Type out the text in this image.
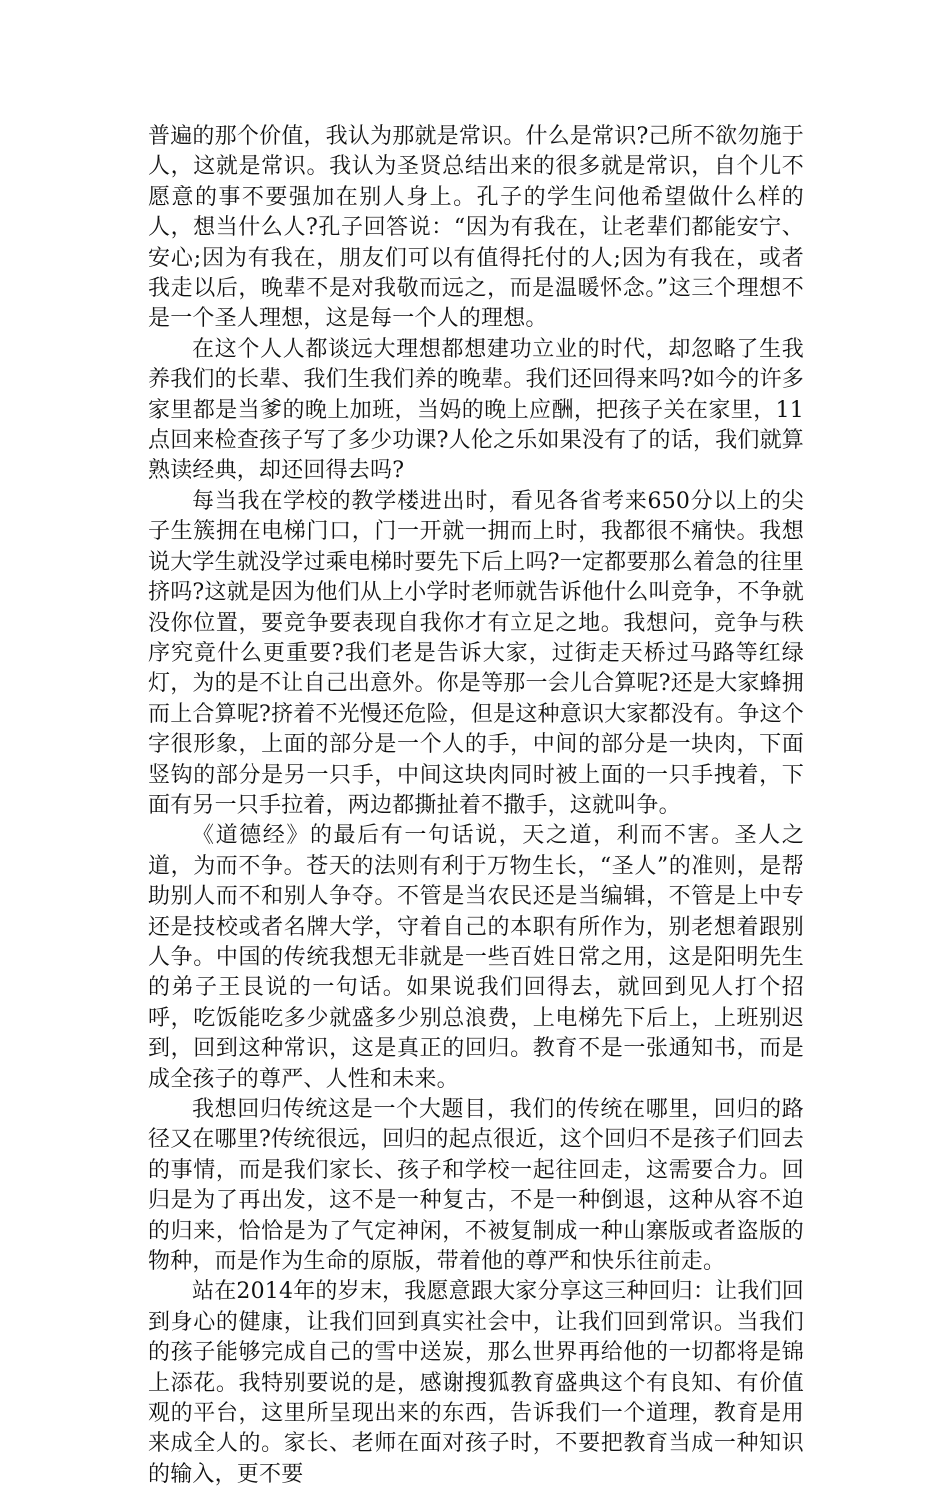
普遍的那个价值，我认为那就是常识。什么是常识?己所不欲勿施于人，这就是常识。我认为圣贤总结出来的很多就是常识，自个儿不愿意的事不要强加在别人身上。孔子的学生问他希望做什么样的人，想当什么人?孔子回答说：“因为有我在，让老辈们都能安宁、安心;因为有我在，朋友们可以有值得托付的人;因为有我在，或者我走以后，晚辈不是对我敬而远之，而是温暖怀念。”这三个理想不是一个圣人理想，这是每一个人的理想。

在这个人人都谈远大理想都想建功立业的时代，却忽略了生我养我们的长辈、我们生我们养的晚辈。我们还回得来吗?如今的许多家里都是当爹的晚上加班，当妈的晚上应酬，把孩子关在家里，11点回来检查孩子写了多少功课?人伦之乐如果没有了的话，我们就算熟读经典，却还回得去吗?

每当我在学校的教学楼进出时，看见各省考来650分以上的尖子生簇拥在电梯门口，门一开就一拥而上时，我都很不痛快。我想说大学生就没学过乘电梯时要先下后上吗?一定都要那么着急的往里挤吗?这就是因为他们从上小学时老师就告诉他什么叫竞争，不争就没你位置，要竞争要表现自我你才有立足之地。我想问，竞争与秩序究竟什么更重要?我们老是告诉大家，过街走天桥过马路等红绿灯，为的是不让自己出意外。你是等那一会儿合算呢?还是大家蜂拥而上合算呢?挤着不光慢还危险，但是这种意识大家都没有。争这个字很形象，上面的部分是一个人的手，中间的部分是一块肉，下面竖钩的部分是另一只手，中间这块肉同时被上面的一只手拽着，下面有另一只手拉着，两边都撕扯着不撒手，这就叫争。

《道德经》的最后有一句话说，天之道，利而不害。圣人之道，为而不争。苍天的法则有利于万物生长，“圣人”的准则，是帮助别人而不和别人争夺。不管是当农民还是当编辑，不管是上中专还是技校或者名牌大学，守着自己的本职有所作为，别老想着跟别人争。中国的传统我想无非就是一些百姓日常之用，这是阳明先生的弟子王艮说的一句话。如果说我们回得去，就回到见人打个招呼，吃饭能吃多少就盛多少别总浪费，上电梯先下后上，上班别迟到，回到这种常识，这是真正的回归。教育不是一张通知书，而是成全孩子的尊严、人性和未来。

我想回归传统这是一个大题目，我们的传统在哪里，回归的路径又在哪里?传统很远，回归的起点很近，这个回归不是孩子们回去的事情，而是我们家长、孩子和学校一起往回走，这需要合力。回归是为了再出发，这不是一种复古，不是一种倒退，这种从容不迫的归来，恰恰是为了气定神闲，不被复制成一种山寨版或者盗版的物种，而是作为生命的原版，带着他的尊严和快乐往前走。

站在2014年的岁末，我愿意跟大家分享这三种回归：让我们回到身心的健康，让我们回到真实社会中，让我们回到常识。当我们的孩子能够完成自己的雪中送炭，那么世界再给他的一切都将是锦上添花。我特别要说的是，感谢搜狐教育盛典这个有良知、有价值观的平台，这里所呈现出来的东西，告诉我们一个道理，教育是用来成全人的。家长、老师在面对孩子时，不要把教育当成一种知识的输入，更不要
